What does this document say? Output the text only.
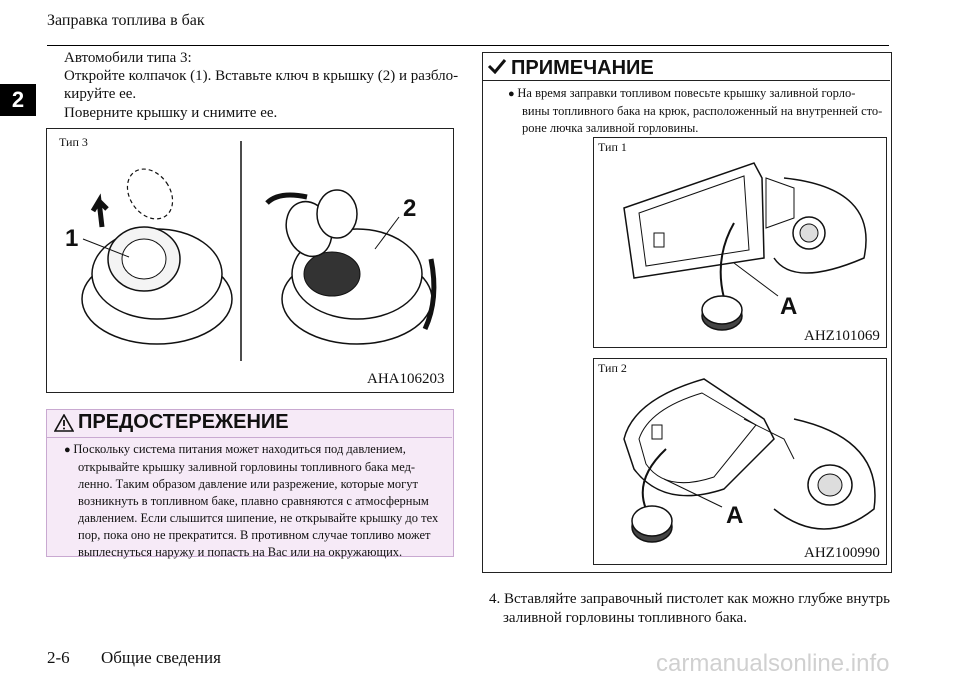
Заправка топлива в бак
2
Автомобили типа 3:
Откройте колпачок (1). Вставьте ключ в крышку (2) и разбло-
кируйте ее.
Поверните крышку и снимите ее.
1
2
Тип 3
AHA106203
ПРЕДОСТЕРЕЖЕНИЕ
● Поскольку система питания может находиться под давлением,
открывайте крышку заливной горловины топливного бака мед-
ленно. Таким образом давление или разрежение, которые могут
возникнуть в топливном баке, плавно сравняются с атмосферным
давлением. Если слышится шипение, не открывайте крышку до тех
пор, пока оно не прекратится. В противном случае топливо может
выплеснуться наружу и попасть на Вас или на окружающих.
ПРИМЕЧАНИЕ
● На время заправки топливом повесьте крышку заливной горло-
вины топливного бака на крюк, расположенный на внутренней сто-
роне лючка заливной горловины.
A
Тип 1
AHZ101069
A
Тип 2
AHZ100990
4. Вставляйте заправочный пистолет как можно глубже внутрь
заливной горловины топливного бака.
2-6 Общие сведения	carmanualsonline.info
